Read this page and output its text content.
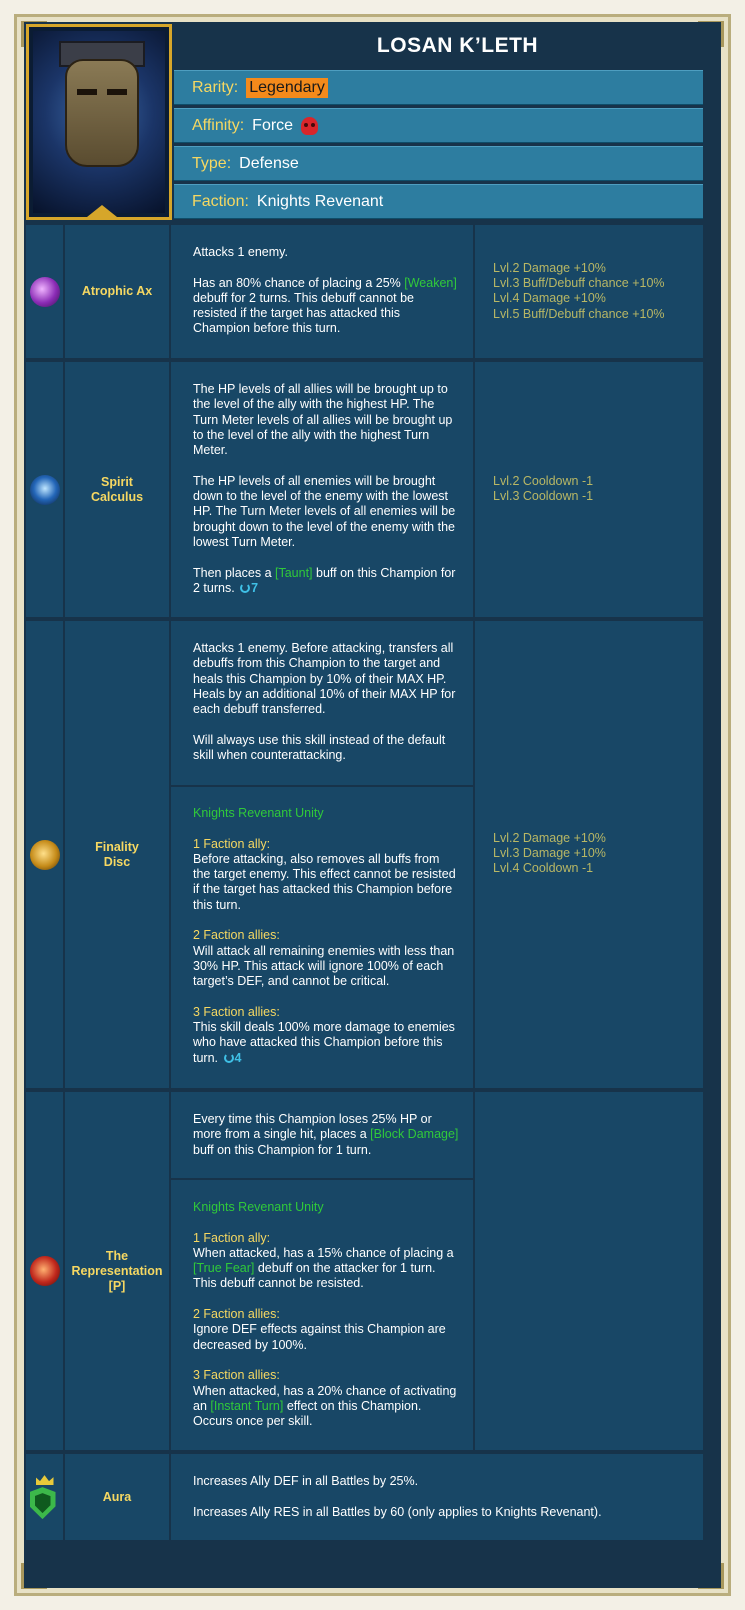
LOSAN K’LETH
Rarity: Legendary
Affinity: Force
Type: Defense
Faction: Knights Revenant
Atrophic Ax

Attacks 1 enemy.

Has an 80% chance of placing a 25% [Weaken] debuff for 2 turns. This debuff cannot be resisted if the target has attacked this Champion before this turn.

Lvl.2 Damage +10%
Lvl.3 Buff/Debuff chance +10%
Lvl.4 Damage +10%
Lvl.5 Buff/Debuff chance +10%
Spirit Calculus

The HP levels of all allies will be brought up to the level of the ally with the highest HP. The Turn Meter levels of all allies will be brought up to the level of the ally with the highest Turn Meter.

The HP levels of all enemies will be brought down to the level of the enemy with the lowest HP. The Turn Meter levels of all enemies will be brought down to the level of the enemy with the lowest Turn Meter.

Then places a [Taunt] buff on this Champion for 2 turns. 7

Lvl.2 Cooldown -1
Lvl.3 Cooldown -1
Finality Disc

Attacks 1 enemy. Before attacking, transfers all debuffs from this Champion to the target and heals this Champion by 10% of their MAX HP. Heals by an additional 10% of their MAX HP for each debuff transferred.

Will always use this skill instead of the default skill when counterattacking.

Knights Revenant Unity

1 Faction ally:
Before attacking, also removes all buffs from the target enemy. This effect cannot be resisted if the target has attacked this Champion before this turn.

2 Faction allies:
Will attack all remaining enemies with less than 30% HP. This attack will ignore 100% of each target’s DEF, and cannot be critical.

3 Faction allies:
This skill deals 100% more damage to enemies who have attacked this Champion before this turn. 4

Lvl.2 Damage +10%
Lvl.3 Damage +10%
Lvl.4 Cooldown -1
The Representation [P]

Every time this Champion loses 25% HP or more from a single hit, places a [Block Damage] buff on this Champion for 1 turn.

Knights Revenant Unity

1 Faction ally:
When attacked, has a 15% chance of placing a [True Fear] debuff on the attacker for 1 turn. This debuff cannot be resisted.

2 Faction allies:
Ignore DEF effects against this Champion are decreased by 100%.

3 Faction allies:
When attacked, has a 20% chance of activating an [Instant Turn] effect on this Champion. Occurs once per skill.

Aura

Increases Ally DEF in all Battles by 25%.

Increases Ally RES in all Battles by 60 (only applies to Knights Revenant).
